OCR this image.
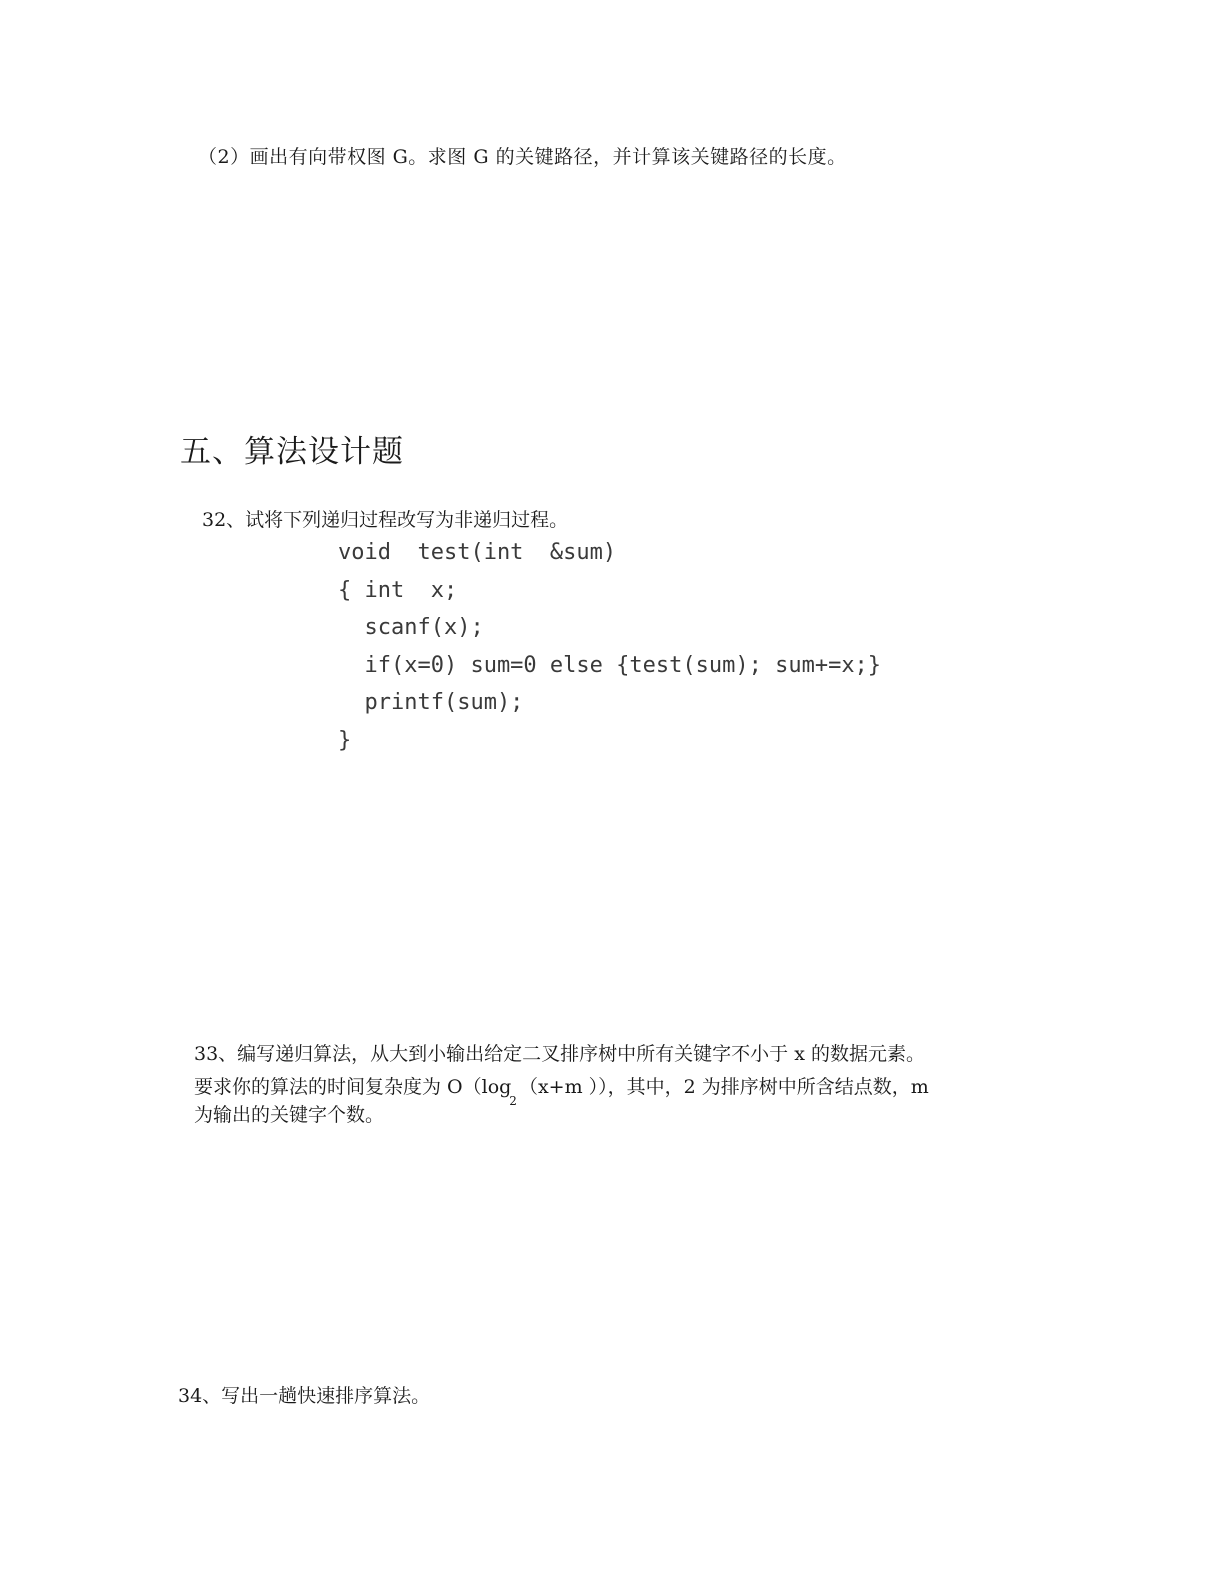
（2）画出有向带权图 G。求图 G 的关键路径，并计算该关键路径的长度。
五、算法设计题
32、试将下列递归过程改写为非递归过程。
void  test(int  &sum)
{ int  x;
scanf(x);
if(x=0) sum=0 else {test(sum); sum+=x;}
printf(sum);
}
33、编写递归算法，从大到小输出给定二叉排序树中所有关键字不小于 x 的数据元素。
要求你的算法的时间复杂度为 $O(\log_2(x+m$ ）），其中，2 为排序树中所含结点数，m
为输出的关键字个数。
34、写出一趟快速排序算法。
